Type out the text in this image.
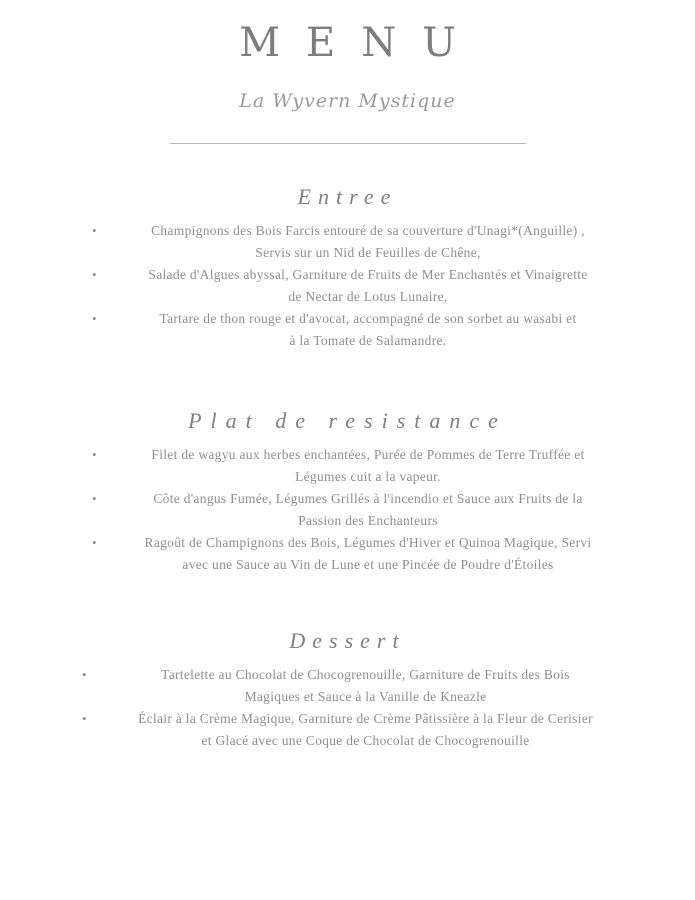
MENU
La Wyvern Mystique
Entree
•	Champignons des Bois Farcis entouré de sa couverture d'Unagi*(Anguille) ,
Servis sur un Nid de Feuilles de Chêne,
•	Salade d'Algues abyssal, Garniture de Fruits de Mer Enchantés et Vinaigrette
de Nectar de Lotus Lunaire,
•	Tartare de thon rouge et d'avocat, accompagné de son sorbet au wasabi et
à la Tomate de Salamandre.
Plat de resistance
•	Filet de wagyu aux herbes enchantées, Purée de Pommes de Terre Truffée et
Légumes cuit a la vapeur.
•	Côte d'angus Fumée, Légumes Grillés à l'incendio et Sauce aux Fruits de la
Passion des Enchanteurs
•	Ragoût de Champignons des Bois, Légumes d'Hiver et Quinoa Magique, Servi
avec une Sauce au Vin de Lune et une Pincée de Poudre d'Étoiles
Dessert
•	Tartelette au Chocolat de Chocogrenouille, Garniture de Fruits des Bois
Magiques et Sauce à la Vanille de Kneazle
•	Éclair à la Crème Magique, Garniture de Crème Pâtissière à la Fleur de Cerisier
et Glacé avec une Coque de Chocolat de Chocogrenouille
